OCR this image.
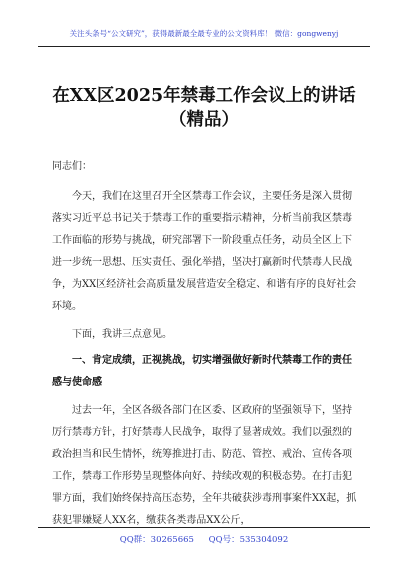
关注头条号“公文研究”，获得最新最全最专业的公文资料库！ 微信：gongwenyj
在XX区2025年禁毒工作会议上的讲话（精品）

同志们：

今天，我们在这里召开全区禁毒工作会议，主要任务是深入贯彻落实习近平总书记关于禁毒工作的重要指示精神，分析当前我区禁毒工作面临的形势与挑战，研究部署下一阶段重点任务，动员全区上下进一步统一思想、压实责任、强化举措，坚决打赢新时代禁毒人民战争，为XX区经济社会高质量发展营造安全稳定、和谐有序的良好社会环境。

下面，我讲三点意见。

一、肯定成绩，正视挑战，切实增强做好新时代禁毒工作的责任感与使命感

过去一年，全区各级各部门在区委、区政府的坚强领导下，坚持厉行禁毒方针，打好禁毒人民战争，取得了显著成效。我们以强烈的政治担当和民生情怀，统筹推进打击、防范、管控、戒治、宣传各项工作，禁毒工作形势呈现整体向好、持续改观的积极态势。在打击犯罪方面，我们始终保持高压态势，全年共破获涉毒刑事案件XX起，抓获犯罪嫌疑人XX名，缴获各类毒品XX公斤，

QQ群：30265665 QQ号：535304092
